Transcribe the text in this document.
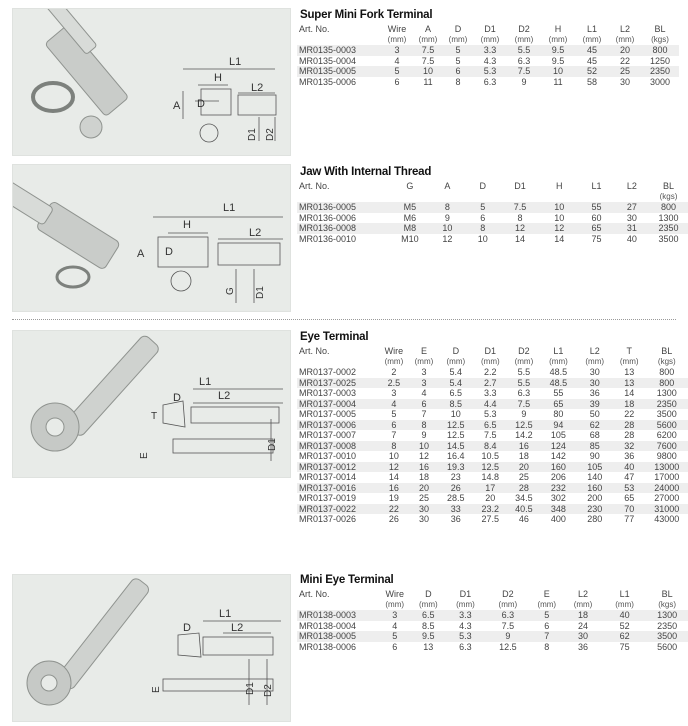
L1
H
L2
A D
D1 D2
Super Mini Fork Terminal
Art. No.	Wire	A	D	D1	D2	H	L1	L2	BL
	(mm)	(mm)	(mm)	(mm)	(mm)	(mm)	(mm)	(mm)	(kgs)
MR0135-0003	3	7.5	5	3.3	5.5	9.5	45	20	800
MR0135-0004	4	7.5	5	4.3	6.3	9.5	45	22	1250
MR0135-0005	5	10	6	5.3	7.5	10	52	25	2350
MR0135-0006	6	11	8	6.3	9	11	58	30	3000
L1
H
L2
A D
G D1
Jaw With Internal Thread
Art. No.	G	A	D	D1	H	L1	L2	BL
								(kgs)
MR0136-0005	M5	8	5	7.5	10	55	27	800
MR0136-0006	M6	9	6	8	10	60	30	1300
MR0136-0008	M8	10	8	12	12	65	31	2350
MR0136-0010	M10	12	10	14	14	75	40	3500
L1
D	L2
T
E
D1
Eye Terminal
Art. No.	Wire	E	D	D1	D2	L1	L2	T	BL
	(mm)	(mm)	(mm)	(mm)	(mm)	(mm)	(mm)	(mm)	(kgs)
MR0137-0002	2	3	5.4	2.2	5.5	48.5	30	13	800
MR0137-0025	2.5	3	5.4	2.7	5.5	48.5	30	13	800
MR0137-0003	3	4	6.5	3.3	6.3	55	36	14	1300
MR0137-0004	4	6	8.5	4.4	7.5	65	39	18	2350
MR0137-0005	5	7	10	5.3	9	80	50	22	3500
MR0137-0006	6	8	12.5	6.5	12.5	94	62	28	5600
MR0137-0007	7	9	12.5	7.5	14.2	105	68	28	6200
MR0137-0008	8	10	14.5	8.4	16	124	85	32	7600
MR0137-0010	10	12	16.4	10.5	18	142	90	36	9800
MR0137-0012	12	16	19.3	12.5	20	160	105	40	13000
MR0137-0014	14	18	23	14.8	25	206	140	47	17000
MR0137-0016	16	20	26	17	28	232	160	53	24000
MR0137-0019	19	25	28.5	20	34.5	302	200	65	27000
MR0137-0022	22	30	33	23.2	40.5	348	230	70	31000
MR0137-0026	26	30	36	27.5	46	400	280	77	43000
L1
D	L2
E	D1 D2
Mini Eye Terminal
Art. No.	Wire	D	D1	D2	E	L2	L1	BL
	(mm)	(mm)	(mm)	(mm)	(mm)	(mm)	(mm)	(kgs)
MR0138-0003	3	6.5	3.3	6.3	5	18	40	1300
MR0138-0004	4	8.5	4.3	7.5	6	24	52	2350
MR0138-0005	5	9.5	5.3	9	7	30	62	3500
MR0138-0006	6	13	6.3	12.5	8	36	75	5600
